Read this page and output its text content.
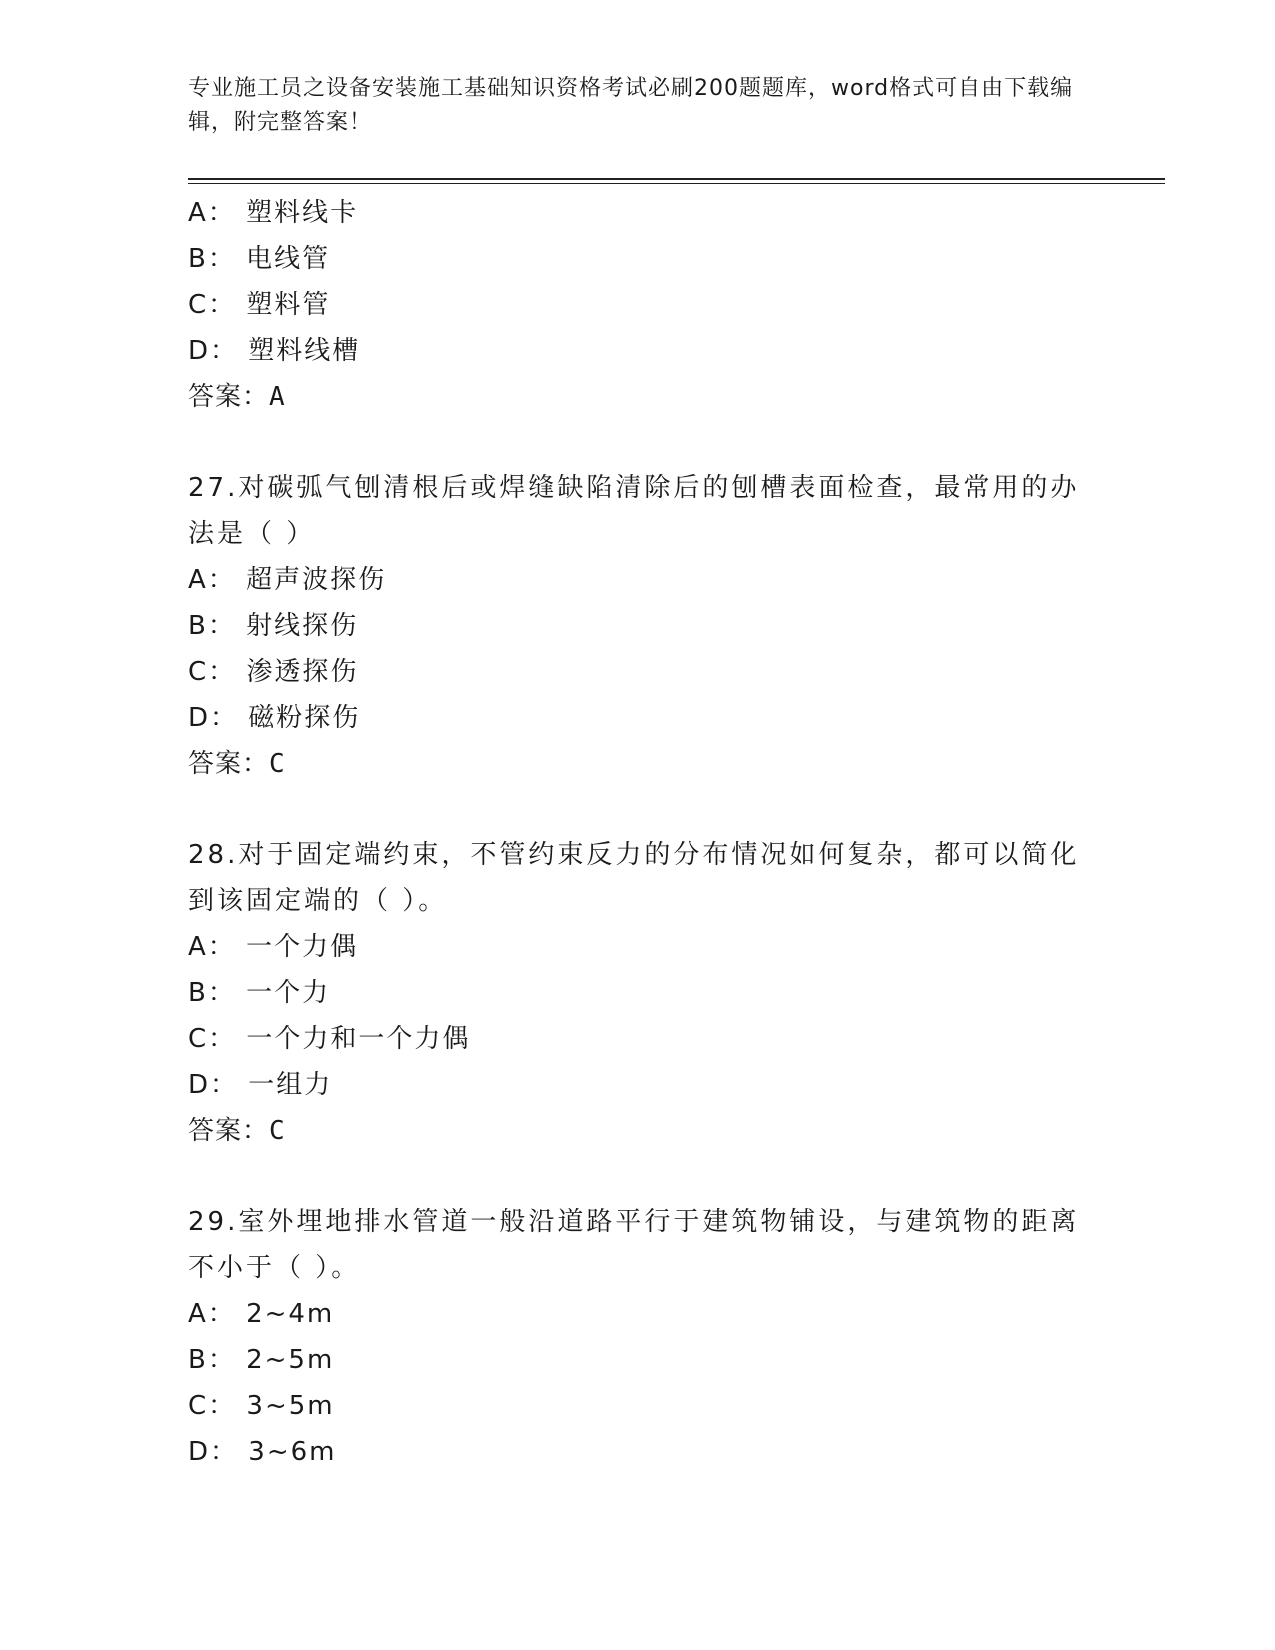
专业施工员之设备安装施工基础知识资格考试必刷200题题库，word格式可自由下载编辑，附完整答案！
A： 塑料线卡
B： 电线管
C： 塑料管
D： 塑料线槽
答案：A
27.对碳弧气刨清根后或焊缝缺陷清除后的刨槽表面检查，最常用的办法是（ ）
A： 超声波探伤
B： 射线探伤
C： 渗透探伤
D： 磁粉探伤
答案：C
28.对于固定端约束，不管约束反力的分布情况如何复杂，都可以简化到该固定端的（ ）。
A： 一个力偶
B： 一个力
C： 一个力和一个力偶
D： 一组力
答案：C
29.室外埋地排水管道一般沿道路平行于建筑物铺设，与建筑物的距离不小于（ ）。
A： 2~4m
B： 2~5m
C： 3~5m
D： 3~6m
